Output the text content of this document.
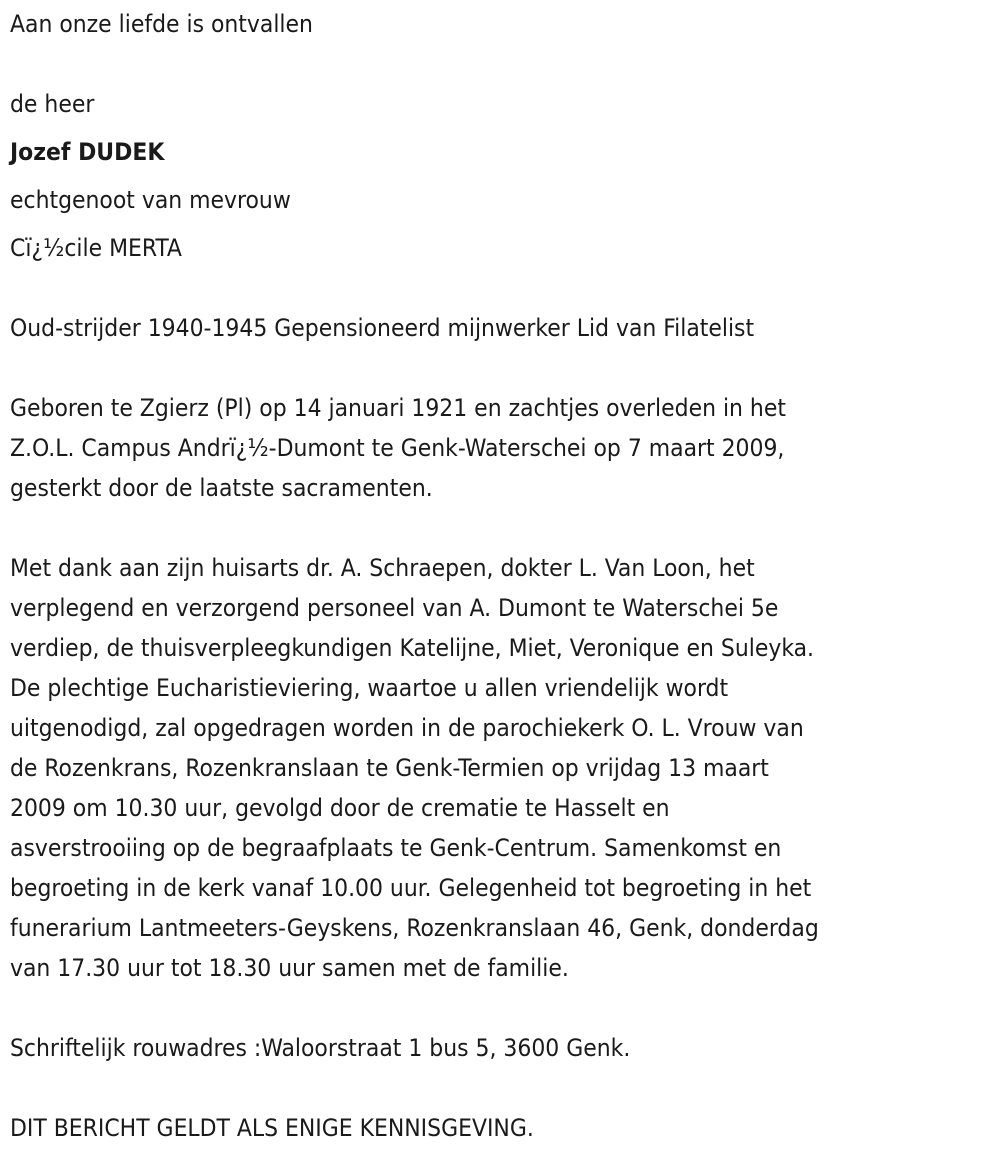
Aan onze liefde is ontvallen
de heer
Jozef DUDEK
echtgenoot van mevrouw
Cï¿½cile MERTA
Oud-strijder 1940-1945 Gepensioneerd mijnwerker Lid van Filatelist
Geboren te Zgierz (Pl) op 14 januari 1921 en zachtjes overleden in het
Z.O.L. Campus Andrï¿½-Dumont te Genk-Waterschei op 7 maart 2009,
gesterkt door de laatste sacramenten.
Met dank aan zijn huisarts dr. A. Schraepen, dokter L. Van Loon, het
verplegend en verzorgend personeel van A. Dumont te Waterschei 5e
verdiep, de thuisverpleegkundigen Katelijne, Miet, Veronique en Suleyka.
De plechtige Eucharistieviering, waartoe u allen vriendelijk wordt
uitgenodigd, zal opgedragen worden in de parochiekerk O. L. Vrouw van
de Rozenkrans, Rozenkranslaan te Genk-Termien op vrijdag 13 maart
2009 om 10.30 uur, gevolgd door de crematie te Hasselt en
asverstrooiing op de begraafplaats te Genk-Centrum. Samenkomst en
begroeting in de kerk vanaf 10.00 uur. Gelegenheid tot begroeting in het
funerarium Lantmeeters-Geyskens, Rozenkranslaan 46, Genk, donderdag
van 17.30 uur tot 18.30 uur samen met de familie.
Schriftelijk rouwadres :Waloorstraat 1 bus 5, 3600 Genk.
DIT BERICHT GELDT ALS ENIGE KENNISGEVING.
